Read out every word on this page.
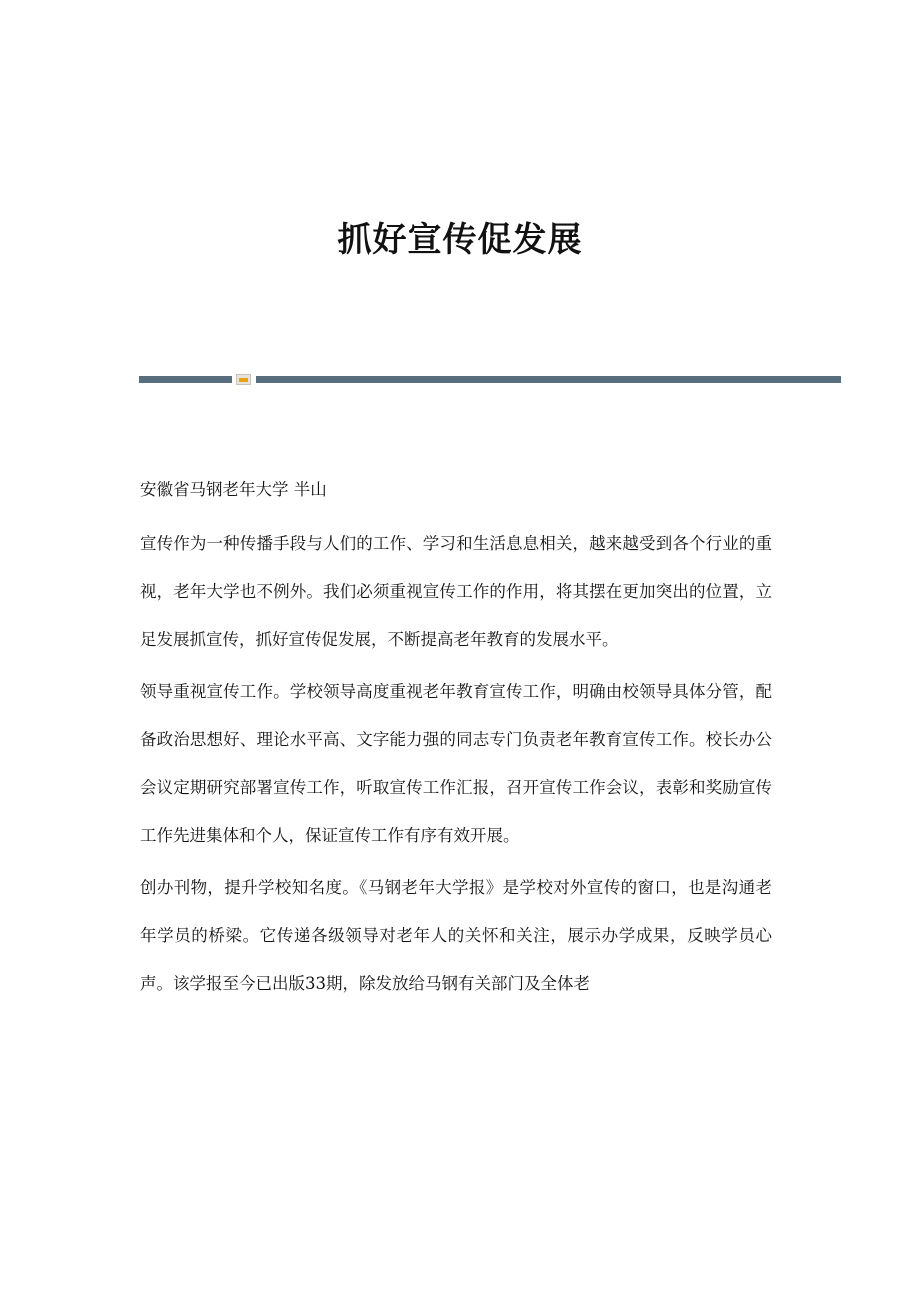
抓好宣传促发展

安徽省马钢老年大学 半山

宣传作为一种传播手段与人们的工作、学习和生活息息相关，越来越受到各个行业的重视，老年大学也不例外。我们必须重视宣传工作的作用，将其摆在更加突出的位置，立足发展抓宣传，抓好宣传促发展，不断提高老年教育的发展水平。

领导重视宣传工作。学校领导高度重视老年教育宣传工作，明确由校领导具体分管，配备政治思想好、理论水平高、文字能力强的同志专门负责老年教育宣传工作。校长办公会议定期研究部署宣传工作，听取宣传工作汇报，召开宣传工作会议，表彰和奖励宣传工作先进集体和个人，保证宣传工作有序有效开展。

创办刊物，提升学校知名度。《马钢老年大学报》是学校对外宣传的窗口，也是沟通老年学员的桥梁。它传递各级领导对老年人的关怀和关注，展示办学成果，反映学员心声。该学报至今已出版33期，除发放给马钢有关部门及全体老
